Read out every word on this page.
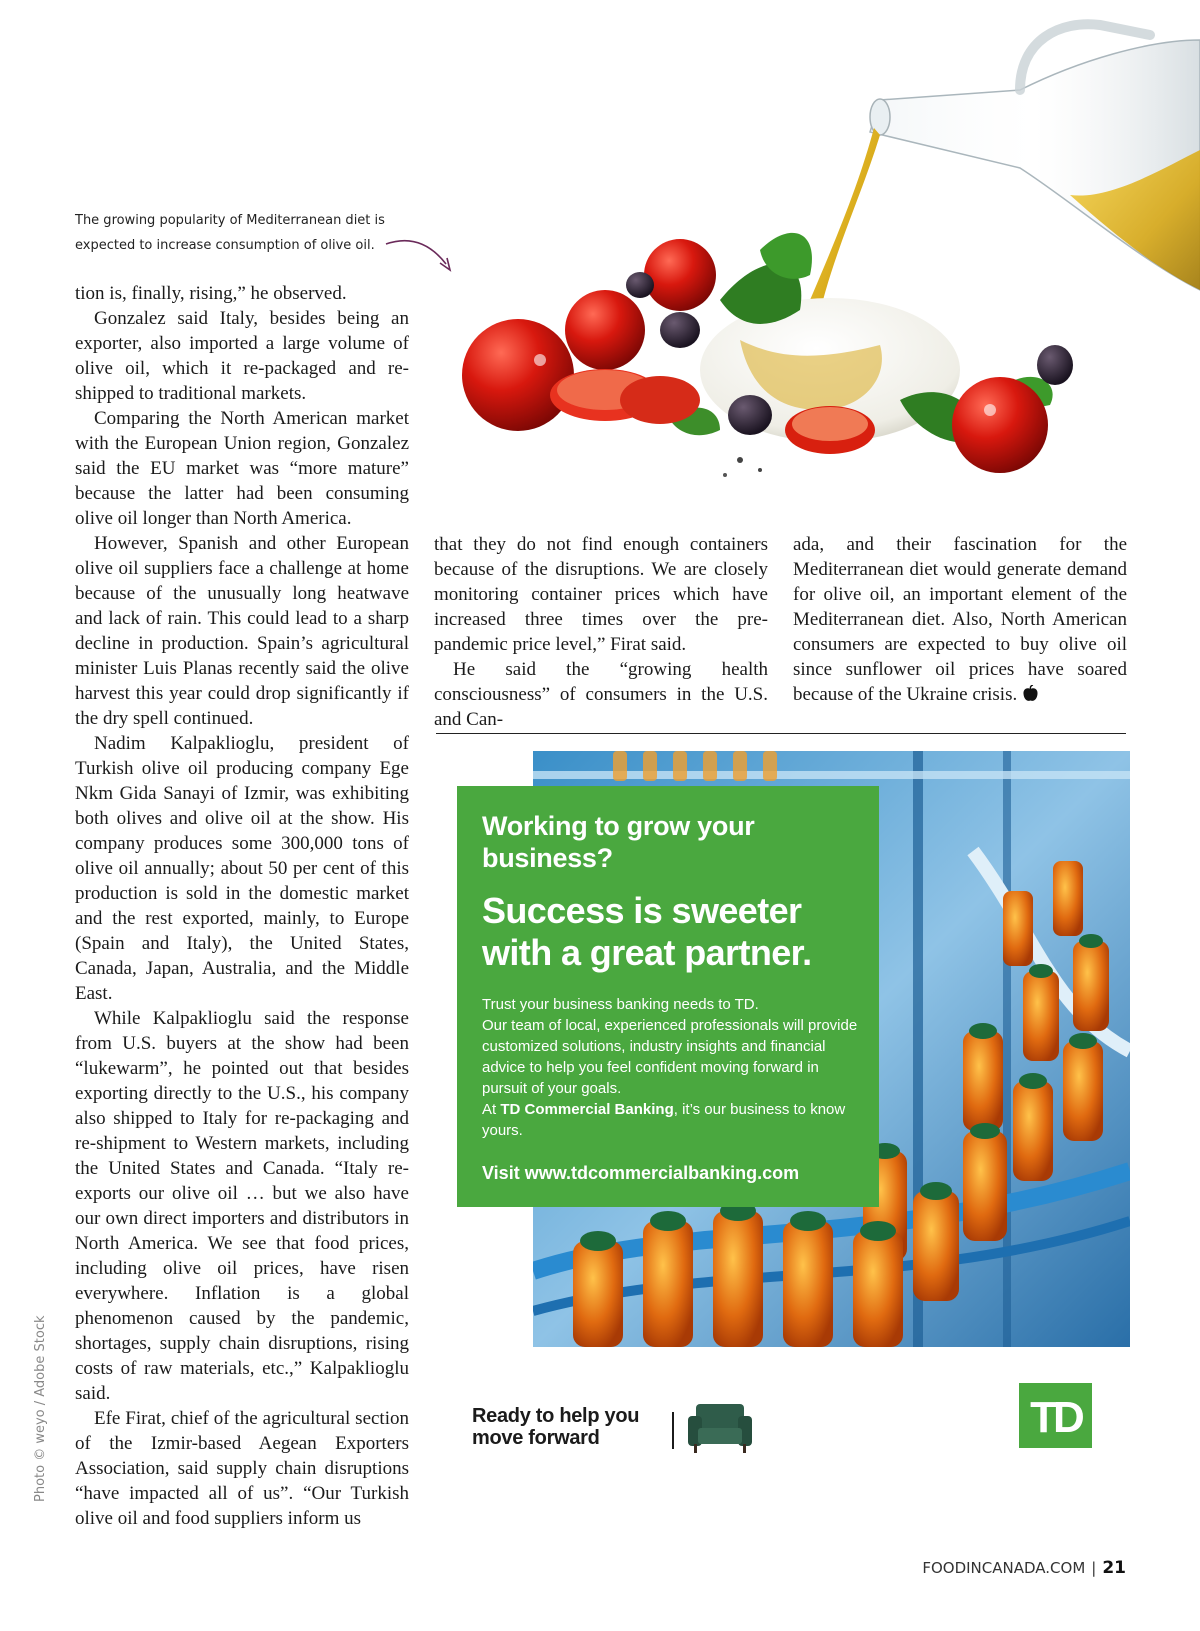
The growing popularity of Mediterranean diet is expected to increase consumption of olive oil.

tion is, finally, rising,” he observed.

Gonzalez said Italy, besides being an exporter, also imported a large volume of olive oil, which it re-packaged and re-shipped to traditional markets.

Comparing the North American market with the European Union region, Gonzalez said the EU market was “more mature” because the latter had been consuming olive oil longer than North America.

However, Spanish and other European olive oil suppliers face a challenge at home because of the unusually long heatwave and lack of rain. This could lead to a sharp decline in production. Spain’s agricultural minister Luis Planas recently said the olive harvest this year could drop significantly if the dry spell continued.

Nadim Kalpaklioglu, president of Turkish olive oil producing company Ege Nkm Gida Sanayi of Izmir, was exhibiting both olives and olive oil at the show. His company produces some 300,000 tons of olive oil annually; about 50 per cent of this production is sold in the domestic market and the rest exported, mainly, to Europe (Spain and Italy), the United States, Canada, Japan, Australia, and the Middle East.

While Kalpaklioglu said the response from U.S. buyers at the show had been “lukewarm”, he pointed out that besides exporting directly to the U.S., his company also shipped to Italy for re-packaging and re-shipment to Western markets, including the United States and Canada. “Italy re-exports our olive oil … but we also have our own direct importers and distributors in North America. We see that food prices, including olive oil prices, have risen everywhere. Inflation is a global phenomenon caused by the pandemic, shortages, supply chain disruptions, rising costs of raw materials, etc.,” Kalpaklioglu said.

Efe Firat, chief of the agricultural section of the Izmir-based Aegean Exporters Association, said supply chain disruptions “have impacted all of us”. “Our Turkish olive oil and food suppliers inform us

that they do not find enough containers because of the disruptions. We are closely monitoring container prices which have increased three times over the pre-pandemic price level,” Firat said.

He said the “growing health consciousness” of consumers in the U.S. and Can-

ada, and their fascination for the Mediterranean diet would generate demand for olive oil, an important element of the Mediterranean diet. Also, North American consumers are expected to buy olive oil since sunflower oil prices have soared because of the Ukraine crisis.

Working to grow your business?
Success is sweeter with a great partner.
Trust your business banking needs to TD.
Our team of local, experienced professionals will provide customized solutions, industry insights and financial advice to help you feel confident moving forward in pursuit of your goals.
At TD Commercial Banking, it’s our business to know yours.
Visit www.tdcommercialbanking.com
Ready to help you
move forward	TD
Photo © weyo / Adobe Stock
FOODINCANADA.COM | 21
